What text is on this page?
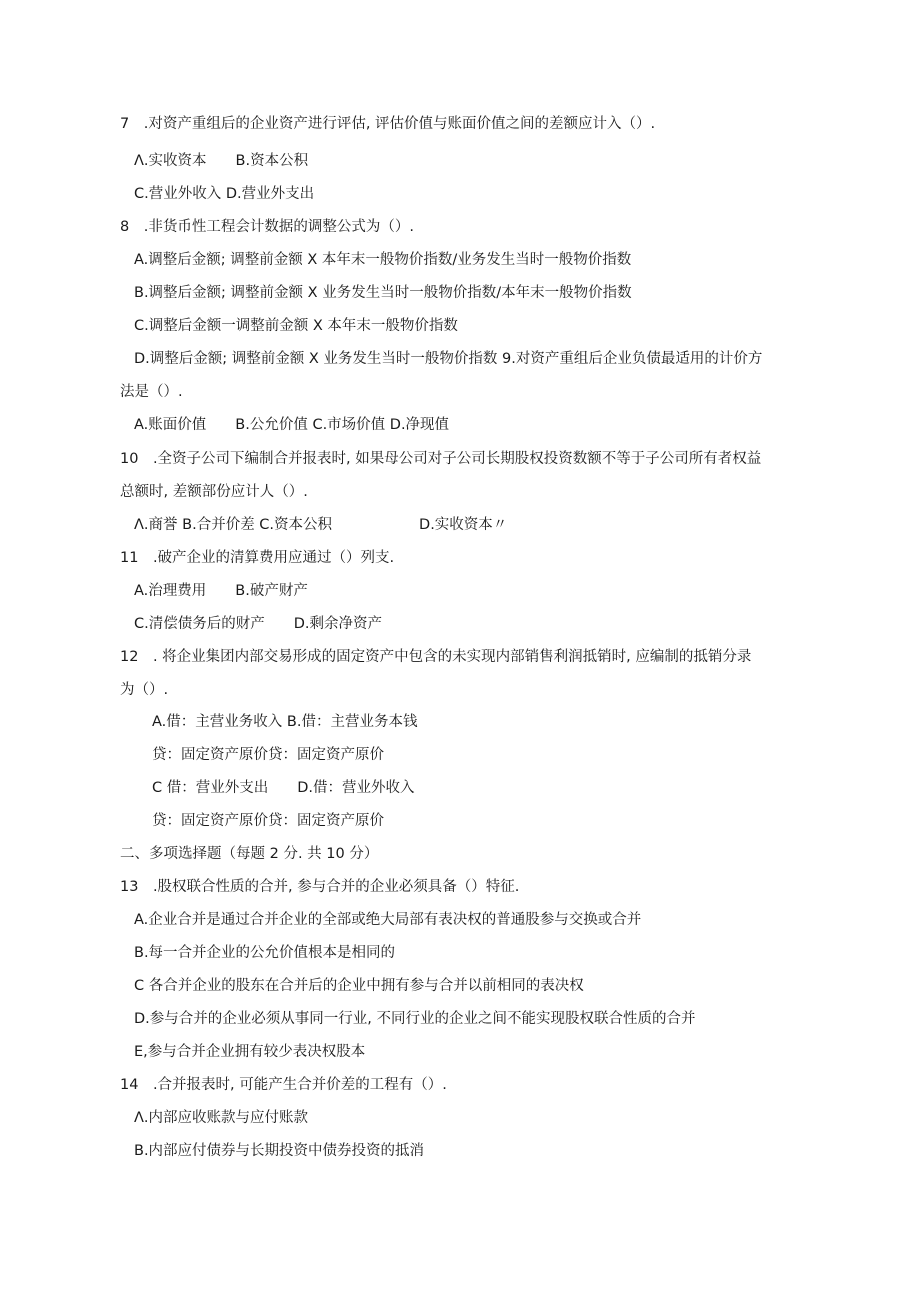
7　.对资产重组后的企业资产进行评估, 评估价值与账面价值之间的差额应计入（）.
Λ.实收资本　　B.资本公积
C.营业外收入 D.营业外支出
8　.非货币性工程会计数据的调整公式为（）.
A.调整后金额; 调整前金额 X 本年末一般物价指数/业务发生当时一般物价指数
B.调整后金额; 调整前金额 X 业务发生当时一般物价指数/本年末一般物价指数
C.调整后金额一调整前金额 X 本年末一般物价指数
D.调整后金额; 调整前金额 X 业务发生当时一般物价指数 9.对资产重组后企业负债最适用的计价方
法是（）.
A.账面价值　　B.公允价值 C.市场价值 D.净现值
10　.全资子公司下编制合并报表时, 如果母公司对子公司长期股权投资数额不等于子公司所有者权益
总额时, 差额部份应计人（）.
Λ.商誉 B.合并价差 C.资本公积　　　　　　D.实收资本〃
11　.破产企业的清算费用应通过（）列支.
A.治理费用　　B.破产财产
C.清偿债务后的财产　　D.剩余净资产
12　. 将企业集团内部交易形成的固定资产中包含的未实现内部销售利润抵销时, 应编制的抵销分录
为（）.
A.借：主营业务收入 B.借：主营业务本钱
贷：固定资产原价贷：固定资产原价
C 借：营业外支出　　D.借：营业外收入
贷：固定资产原价贷：固定资产原价
二、多项选择题（每题 2 分. 共 10 分）
13　.股权联合性质的合并, 参与合并的企业必须具备（）特征.
A.企业合并是通过合并企业的全部或绝大局部有表决权的普通股参与交换或合并
B.每一合并企业的公允价值根本是相同的
C 各合并企业的股东在合并后的企业中拥有参与合并以前相同的表决权
D.参与合并的企业必须从事同一行业, 不同行业的企业之间不能实现股权联合性质的合并
E,参与合并企业拥有较少表决权股本
14　.合并报表时, 可能产生合并价差的工程有（）.
Λ.内部应收账款与应付账款
B.内部应付债券与长期投资中债券投资的抵消
